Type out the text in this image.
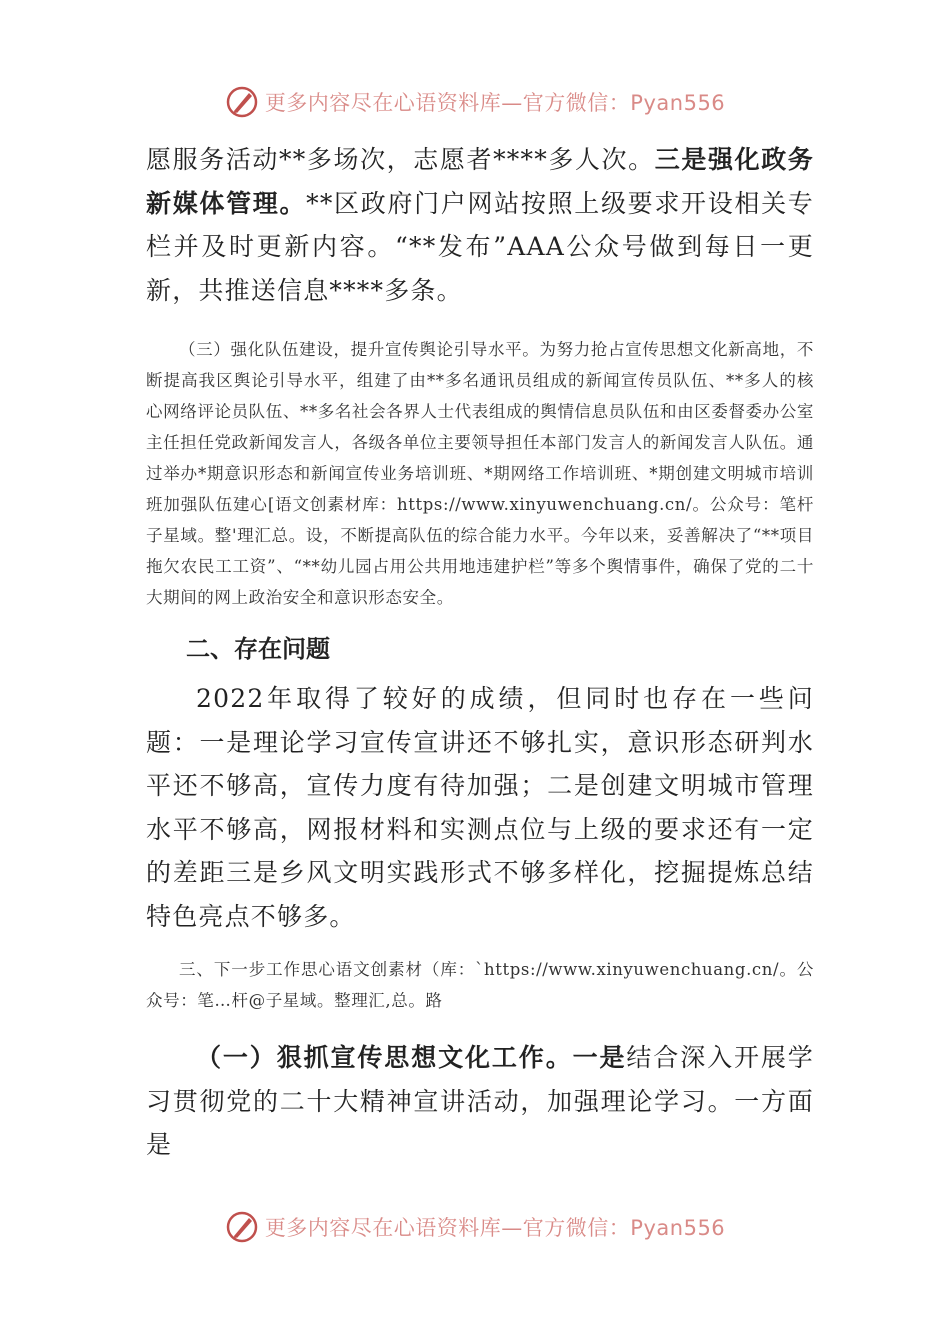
更多内容尽在心语资料库—官方微信：Pyan556

愿服务活动**多场次，志愿者****多人次。三是强化政务新媒体管理。**区政府门户网站按照上级要求开设相关专栏并及时更新内容。“**发布”AAA公众号做到每日一更新，共推送信息****多条。

（三）强化队伍建设，提升宣传舆论引导水平。为努力抢占宣传思想文化新高地，不断提高我区舆论引导水平，组建了由**多名通讯员组成的新闻宣传员队伍、**多人的核心网络评论员队伍、**多名社会各界人士代表组成的舆情信息员队伍和由区委督委办公室主任担任党政新闻发言人，各级各单位主要领导担任本部门发言人的新闻发言人队伍。通过举办*期意识形态和新闻宣传业务培训班、*期网络工作培训班、*期创建文明城市培训班加强队伍建心[语文创素材库：https://www.xinyuwenchuang.cn/。公众号：笔杆子星域。整'理汇总。设，不断提高队伍的综合能力水平。今年以来，妥善解决了“**项目拖欠农民工工资”、“**幼儿园占用公共用地违建护栏”等多个舆情事件，确保了党的二十大期间的网上政治安全和意识形态安全。

二、存在问题

2022年取得了较好的成绩，但同时也存在一些问题：一是理论学习宣传宣讲还不够扎实，意识形态研判水平还不够高，宣传力度有待加强；二是创建文明城市管理水平不够高，网报材料和实测点位与上级的要求还有一定的差距三是乡风文明实践形式不够多样化，挖掘提炼总结特色亮点不够多。

三、下一步工作思心语文创素材（库：`https://www.xinyuwenchuang.cn/。公众号：笔…杆@子星域。整理汇,总。路

（一）狠抓宣传思想文化工作。一是结合深入开展学习贯彻党的二十大精神宣讲活动，加强理论学习。一方面是

更多内容尽在心语资料库—官方微信：Pyan556
